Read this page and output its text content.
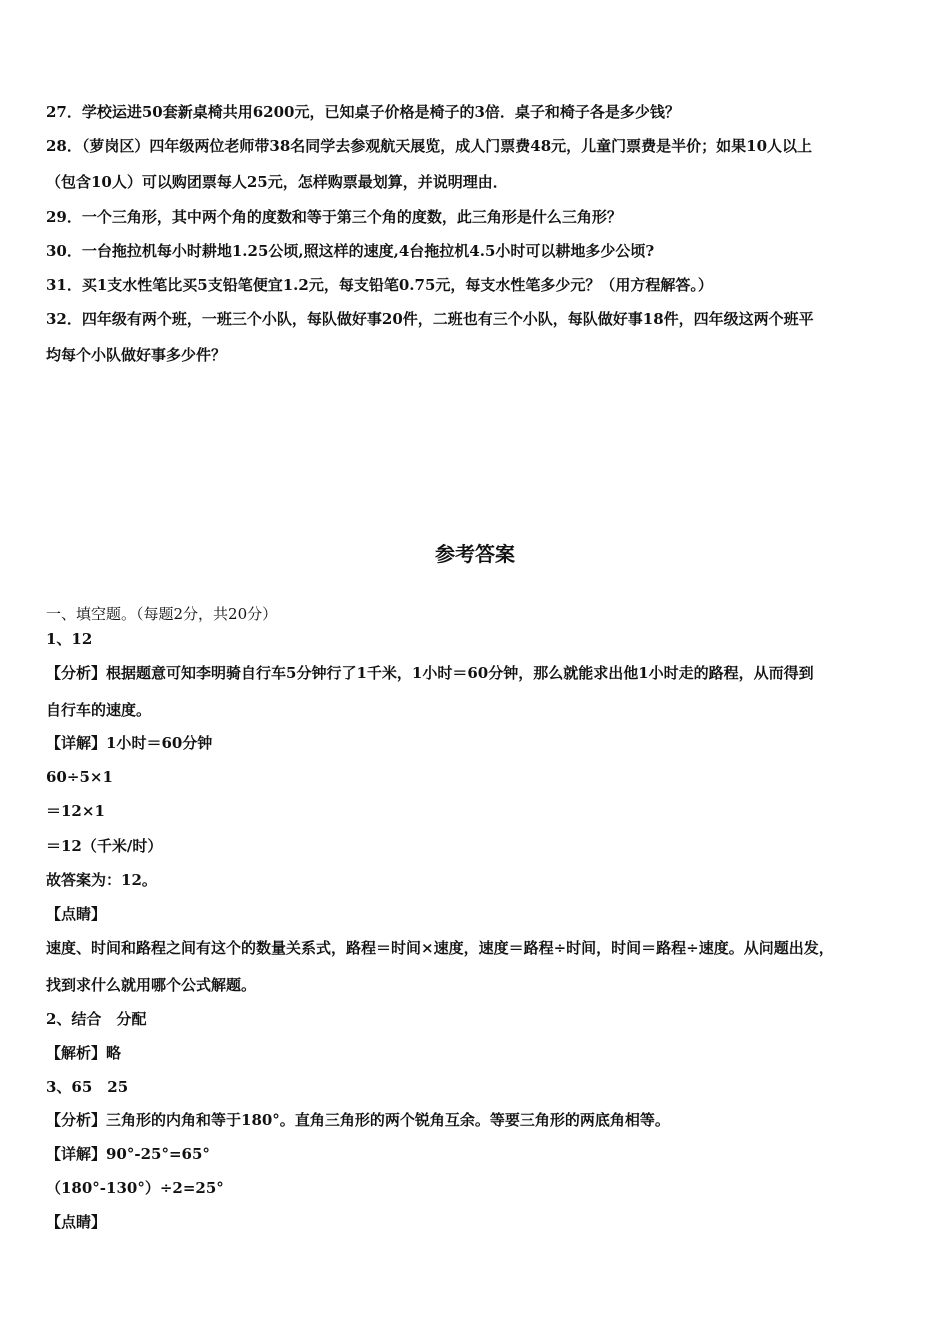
27．学校运进50套新桌椅共用6200元，已知桌子价格是椅子的3倍．桌子和椅子各是多少钱？
28．（萝岗区）四年级两位老师带38名同学去参观航天展览，成人门票费48元，儿童门票费是半价；如果10人以上
（包含10人）可以购团票每人25元，怎样购票最划算，并说明理由．
29．一个三角形，其中两个角的度数和等于第三个角的度数，此三角形是什么三角形？
30．一台拖拉机每小时耕地1.25公顷,照这样的速度,4台拖拉机4.5小时可以耕地多少公顷?
31．买1支水性笔比买5支铅笔便宜1.2元，每支铅笔0.75元，每支水性笔多少元？（用方程解答。）
32．四年级有两个班，一班三个小队，每队做好事20件，二班也有三个小队，每队做好事18件，四年级这两个班平
均每个小队做好事多少件？
参考答案
一、填空题。（每题2分，共20分）
1、12
【分析】根据题意可知李明骑自行车5分钟行了1千米，1小时＝60分钟，那么就能求出他1小时走的路程，从而得到
自行车的速度。
【详解】1小时＝60分钟
60÷5×1
＝12×1
＝12（千米/时）
故答案为：12。
【点睛】
速度、时间和路程之间有这个的数量关系式，路程＝时间×速度，速度＝路程÷时间，时间＝路程÷速度。从问题出发，
找到求什么就用哪个公式解题。
2、结合　分配
【解析】略
3、65　25
【分析】三角形的内角和等于180°。直角三角形的两个锐角互余。等要三角形的两底角相等。
【详解】90°-25°=65°
（180°-130°）÷2=25°
【点睛】
